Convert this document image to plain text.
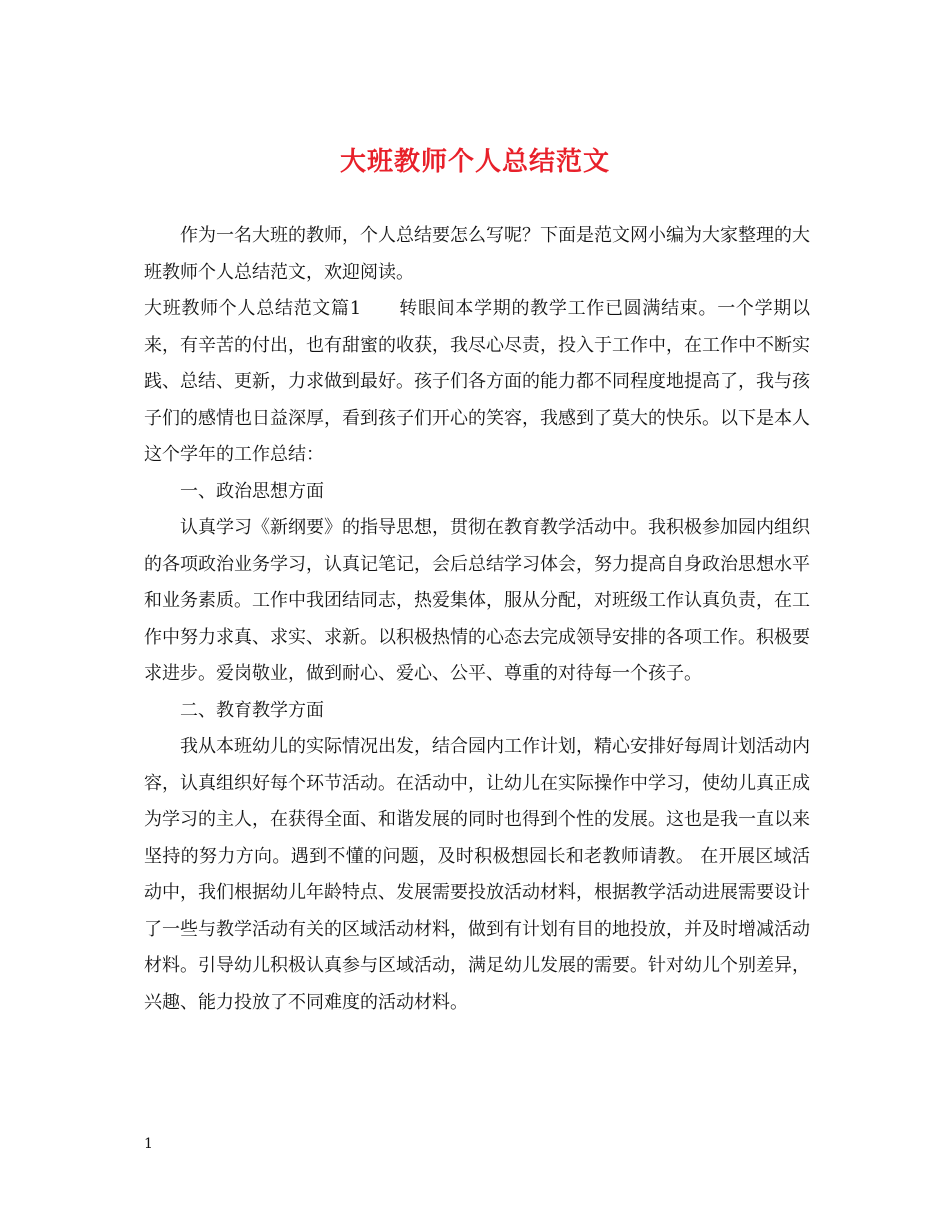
大班教师个人总结范文

作为一名大班的教师，个人总结要怎么写呢？下面是范文网小编为大家整理的大班教师个人总结范文，欢迎阅读。

大班教师个人总结范文篇1　　转眼间本学期的教学工作已圆满结束。一个学期以来，有辛苦的付出，也有甜蜜的收获，我尽心尽责，投入于工作中，在工作中不断实践、总结、更新，力求做到最好。孩子们各方面的能力都不同程度地提高了，我与孩子们的感情也日益深厚，看到孩子们开心的笑容，我感到了莫大的快乐。以下是本人这个学年的工作总结：

一、政治思想方面

认真学习《新纲要》的指导思想，贯彻在教育教学活动中。我积极参加园内组织的各项政治业务学习，认真记笔记，会后总结学习体会，努力提高自身政治思想水平和业务素质。工作中我团结同志，热爱集体，服从分配，对班级工作认真负责，在工作中努力求真、求实、求新。以积极热情的心态去完成领导安排的各项工作。积极要求进步。爱岗敬业，做到耐心、爱心、公平、尊重的对待每一个孩子。

二、教育教学方面

我从本班幼儿的实际情况出发，结合园内工作计划，精心安排好每周计划活动内容，认真组织好每个环节活动。在活动中，让幼儿在实际操作中学习，使幼儿真正成为学习的主人，在获得全面、和谐发展的同时也得到个性的发展。这也是我一直以来坚持的努力方向。遇到不懂的问题，及时积极想园长和老教师请教。 在开展区域活动中，我们根据幼儿年龄特点、发展需要投放活动材料，根据教学活动进展需要设计了一些与教学活动有关的区域活动材料，做到有计划有目的地投放，并及时增减活动材料。引导幼儿积极认真参与区域活动，满足幼儿发展的需要。针对幼儿个别差异，兴趣、能力投放了不同难度的活动材料。

1
